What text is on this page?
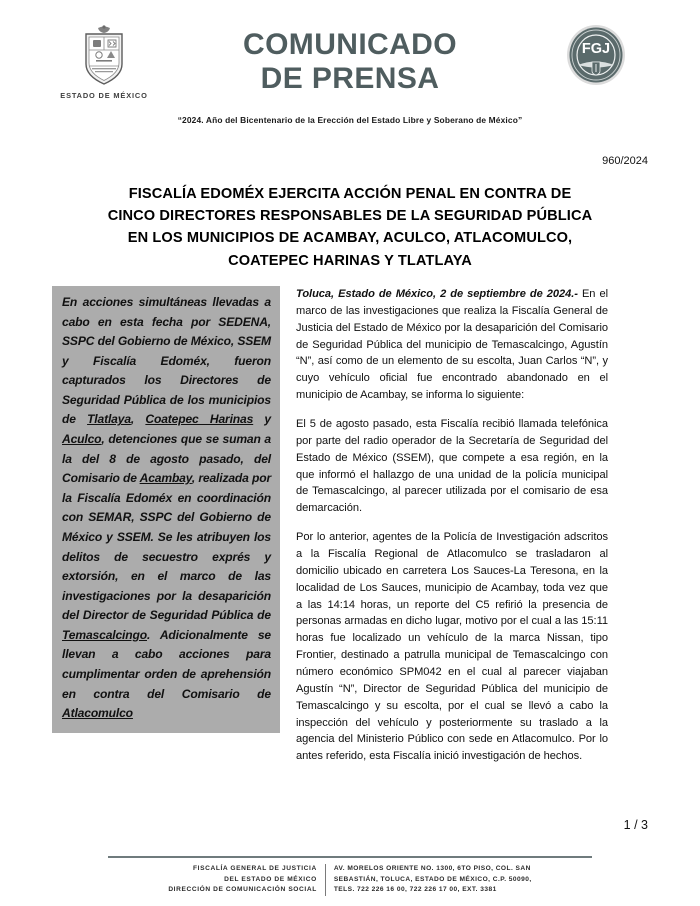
ESTADO DE MÉXICO
COMUNICADO
DE PRENSA
FGJ
“2024. Año del Bicentenario de la Erección del Estado Libre y Soberano de México”
960/2024
FISCALÍA EDOMÉX EJERCITA ACCIÓN PENAL EN CONTRA DE
CINCO DIRECTORES RESPONSABLES DE LA SEGURIDAD PÚBLICA
EN LOS MUNICIPIOS DE ACAMBAY, ACULCO, ATLACOMULCO,
COATEPEC HARINAS Y TLATLAYA
En acciones simultáneas llevadas a cabo en esta fecha por SEDENA, SSPC del Gobierno de México, SSEM y Fiscalía Edoméx, fueron capturados los Directores de Seguridad Pública de los municipios de Tlatlaya, Coatepec Harinas y Aculco, detenciones que se suman a la del 8 de agosto pasado, del Comisario de Acambay, realizada por la Fiscalía Edoméx en coordinación con SEMAR, SSPC del Gobierno de México y SSEM. Se les atribuyen los delitos de secuestro exprés y extorsión, en el marco de las investigaciones por la desaparición del Director de Seguridad Pública de Temascalcingo. Adicionalmente se llevan a cabo acciones para cumplimentar orden de aprehensión en contra del Comisario de Atlacomulco

Toluca, Estado de México, 2 de septiembre de 2024.- En el marco de las investigaciones que realiza la Fiscalía General de Justicia del Estado de México por la desaparición del Comisario de Seguridad Pública del municipio de Temascalcingo, Agustín “N”, así como de un elemento de su escolta, Juan Carlos “N”, y cuyo vehículo oficial fue encontrado abandonado en el municipio de Acambay, se informa lo siguiente:

El 5 de agosto pasado, esta Fiscalía recibió llamada telefónica por parte del radio operador de la Secretaría de Seguridad del Estado de México (SSEM), que compete a esa región, en la que informó el hallazgo de una unidad de la policía municipal de Temascalcingo, al parecer utilizada por el comisario de esa demarcación.

Por lo anterior, agentes de la Policía de Investigación adscritos a la Fiscalía Regional de Atlacomulco se trasladaron al domicilio ubicado en carretera Los Sauces-La Teresona, en la localidad de Los Sauces, municipio de Acambay, toda vez que a las 14:14 horas, un reporte del C5 refirió la presencia de personas armadas en dicho lugar, motivo por el cual a las 15:11 horas fue localizado un vehículo de la marca Nissan, tipo Frontier, destinado a patrulla municipal de Temascalcingo con número económico SPM042 en el cual al parecer viajaban Agustín “N”, Director de Seguridad Pública del municipio de Temascalcingo y su escolta, por el cual se llevó a cabo la inspección del vehículo y posteriormente su traslado a la agencia del Ministerio Público con sede en Atlacomulco. Por lo antes referido, esta Fiscalía inició investigación de hechos.

1 / 3
FISCALÍA GENERAL DE JUSTICIA
DEL ESTADO DE MÉXICO
DIRECCIÓN DE COMUNICACIÓN SOCIAL
AV. MORELOS ORIENTE NO. 1300, 6TO PISO, COL. SAN
SEBASTIÁN, TOLUCA, ESTADO DE MÉXICO, C.P. 50090,
TELS. 722 226 16 00, 722 226 17 00, EXT. 3381
